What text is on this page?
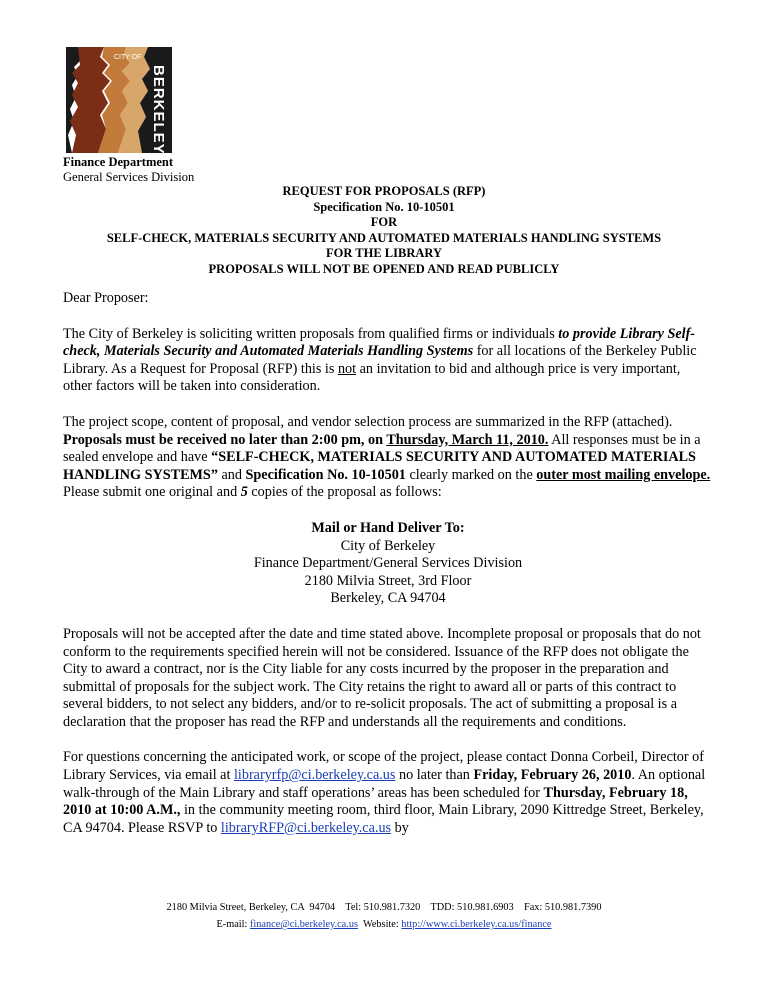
CITY OF
BERKELEY
Finance Department
General Services Division
REQUEST FOR PROPOSALS (RFP)
Specification No. 10-10501
FOR
SELF-CHECK, MATERIALS SECURITY AND AUTOMATED MATERIALS HANDLING SYSTEMS
FOR THE LIBRARY
PROPOSALS WILL NOT BE OPENED AND READ PUBLICLY

Dear Proposer:

The City of Berkeley is soliciting written proposals from qualified firms or individuals to provide Library Self-check, Materials Security and Automated Materials Handling Systems for all locations of the Berkeley Public Library. As a Request for Proposal (RFP) this is not an invitation to bid and although price is very important, other factors will be taken into consideration.

The project scope, content of proposal, and vendor selection process are summarized in the RFP (attached). Proposals must be received no later than 2:00 pm, on Thursday, March 11, 2010. All responses must be in a sealed envelope and have “SELF-CHECK, MATERIALS SECURITY AND AUTOMATED MATERIALS HANDLING SYSTEMS” and Specification No. 10-10501 clearly marked on the outer most mailing envelope. Please submit one original and 5 copies of the proposal as follows:

Mail or Hand Deliver To:
City of Berkeley
Finance Department/General Services Division
2180 Milvia Street, 3rd Floor
Berkeley, CA 94704

Proposals will not be accepted after the date and time stated above. Incomplete proposal or proposals that do not conform to the requirements specified herein will not be considered. Issuance of the RFP does not obligate the City to award a contract, nor is the City liable for any costs incurred by the proposer in the preparation and submittal of proposals for the subject work. The City retains the right to award all or parts of this contract to several bidders, to not select any bidders, and/or to re-solicit proposals. The act of submitting a proposal is a declaration that the proposer has read the RFP and understands all the requirements and conditions.

For questions concerning the anticipated work, or scope of the project, please contact Donna Corbeil, Director of Library Services, via email at libraryrfp@ci.berkeley.ca.us no later than Friday, February 26, 2010. An optional walk-through of the Main Library and staff operations’ areas has been scheduled for Thursday, February 18, 2010 at 10:00 A.M., in the community meeting room, third floor, Main Library, 2090 Kittredge Street, Berkeley, CA 94704. Please RSVP to libraryRFP@ci.berkeley.ca.us by

2180 Milvia Street, Berkeley, CA  94704    Tel: 510.981.7320    TDD: 510.981.6903    Fax: 510.981.7390
E-mail: finance@ci.berkeley.ca.us  Website: http://www.ci.berkeley.ca.us/finance
